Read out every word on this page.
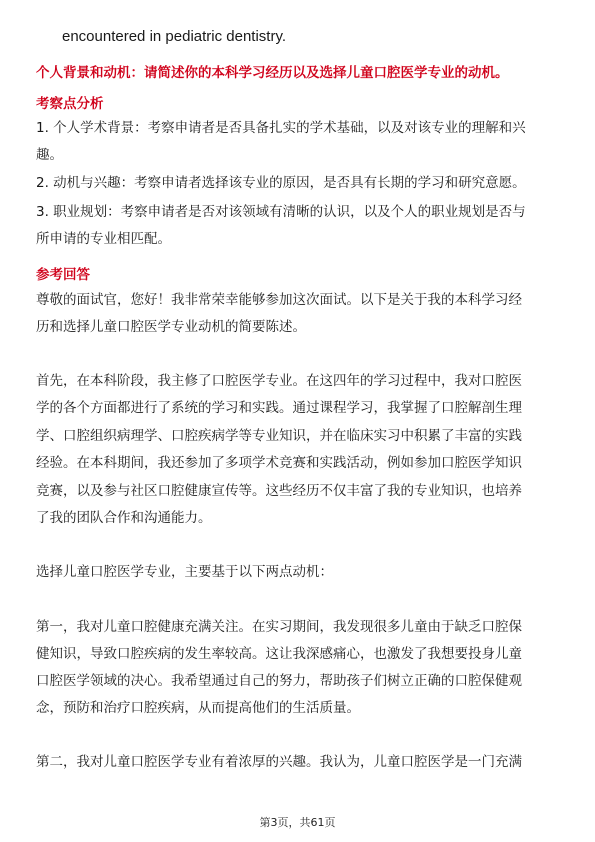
encountered in pediatric dentistry.
个人背景和动机：请简述你的本科学习经历以及选择儿童口腔医学专业的动机。
考察点分析
1. 个人学术背景：考察申请者是否具备扎实的学术基础，以及对该专业的理解和兴
趣。
2. 动机与兴趣：考察申请者选择该专业的原因，是否具有长期的学习和研究意愿。
3. 职业规划：考察申请者是否对该领域有清晰的认识，以及个人的职业规划是否与
所申请的专业相匹配。
参考回答
尊敬的面试官，您好！我非常荣幸能够参加这次面试。以下是关于我的本科学习经
历和选择儿童口腔医学专业动机的简要陈述。
首先，在本科阶段，我主修了口腔医学专业。在这四年的学习过程中，我对口腔医
学的各个方面都进行了系统的学习和实践。通过课程学习，我掌握了口腔解剖生理
学、口腔组织病理学、口腔疾病学等专业知识，并在临床实习中积累了丰富的实践
经验。在本科期间，我还参加了多项学术竞赛和实践活动，例如参加口腔医学知识
竞赛，以及参与社区口腔健康宣传等。这些经历不仅丰富了我的专业知识，也培养
了我的团队合作和沟通能力。
选择儿童口腔医学专业，主要基于以下两点动机：
第一，我对儿童口腔健康充满关注。在实习期间，我发现很多儿童由于缺乏口腔保
健知识，导致口腔疾病的发生率较高。这让我深感痛心，也激发了我想要投身儿童
口腔医学领域的决心。我希望通过自己的努力，帮助孩子们树立正确的口腔保健观
念，预防和治疗口腔疾病，从而提高他们的生活质量。
第二，我对儿童口腔医学专业有着浓厚的兴趣。我认为，儿童口腔医学是一门充满
第3页，共61页
